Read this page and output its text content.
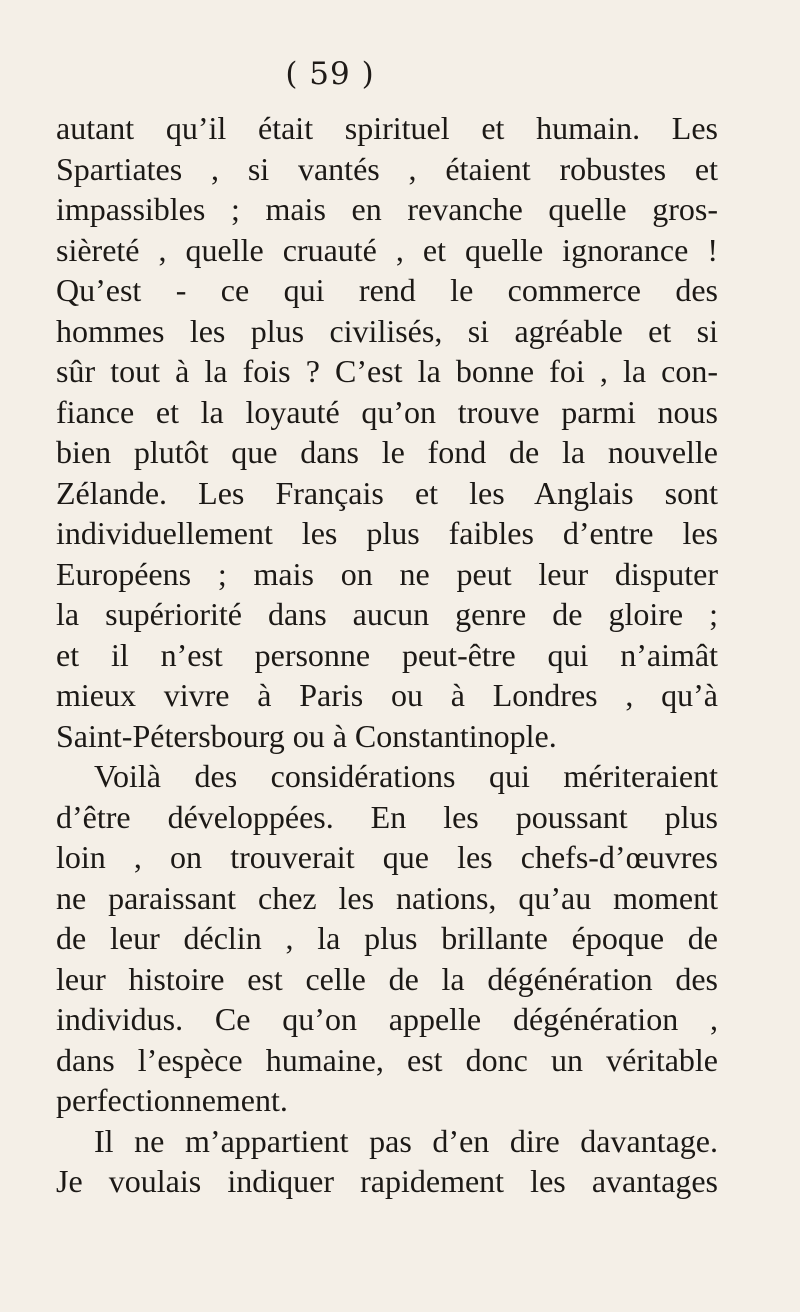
( 59 )
autant qu’il était spirituel et humain. Les
Spartiates , si vantés , étaient robustes et
impassibles ; mais en revanche quelle gros-
sièreté , quelle cruauté , et quelle ignorance !
Qu’est - ce qui rend le commerce des
hommes les plus civilisés, si agréable et si
sûr tout à la fois ? C’est la bonne foi , la con-
fiance et la loyauté qu’on trouve parmi nous
bien plutôt que dans le fond de la nouvelle
Zélande. Les Français et les Anglais sont
individuellement les plus faibles d’entre les
Européens ; mais on ne peut leur disputer
la supériorité dans aucun genre de gloire ;
et il n’est personne peut-être qui n’aimât
mieux vivre à Paris ou à Londres , qu’à
Saint-Pétersbourg ou à Constantinople.
Voilà des considérations qui mériteraient
d’être développées. En les poussant plus
loin , on trouverait que les chefs-d’œuvres
ne paraissant chez les nations, qu’au moment
de leur déclin , la plus brillante époque de
leur histoire est celle de la dégénération des
individus. Ce qu’on appelle dégénération ,
dans l’espèce humaine, est donc un véritable
perfectionnement.
Il ne m’appartient pas d’en dire davantage.
Je voulais indiquer rapidement les avantages
